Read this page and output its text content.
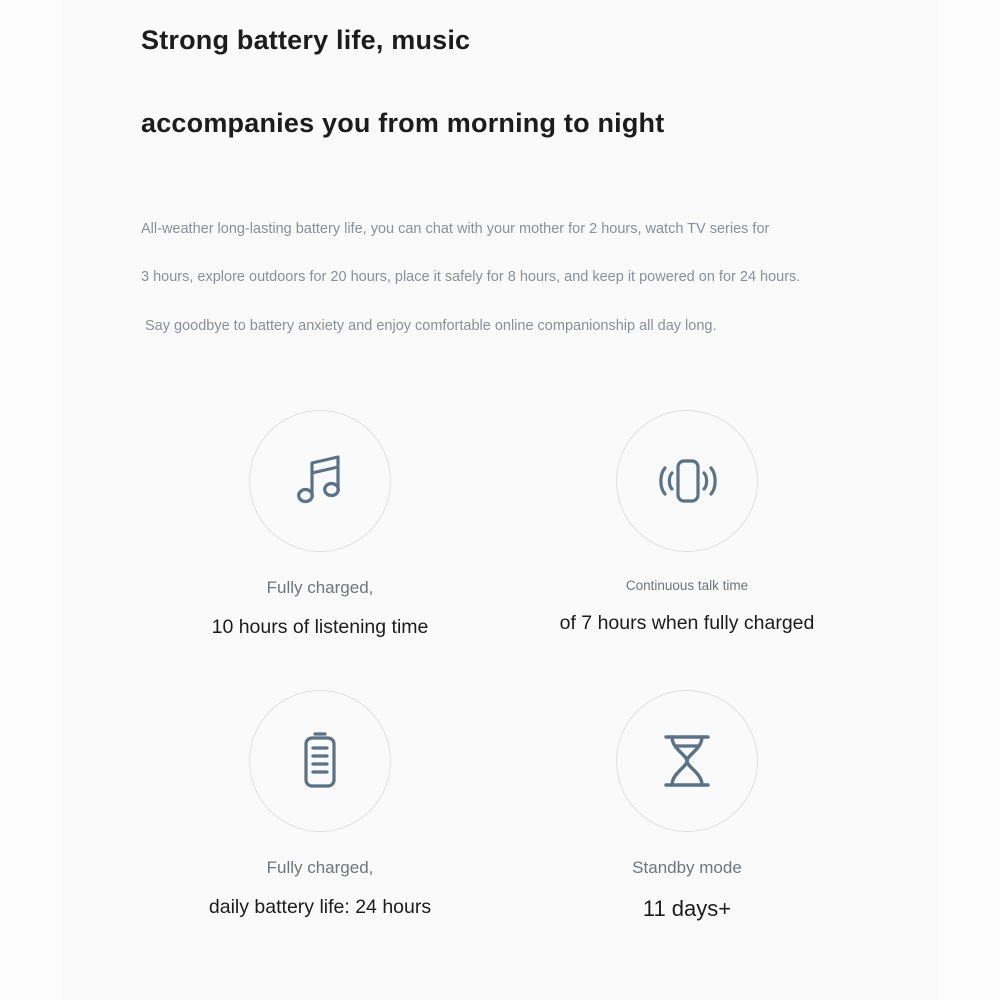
Strong battery life, music
accompanies you from morning to night
All-weather long-lasting battery life, you can chat with your mother for 2 hours, watch TV series for
3 hours, explore outdoors for 20 hours, place it safely for 8 hours, and keep it powered on for 24 hours.
Say goodbye to battery anxiety and enjoy comfortable online companionship all day long.
Fully charged,
10 hours of listening time
Continuous talk time
of 7 hours when fully charged
Fully charged,
daily battery life: 24 hours
Standby mode
11 days+
